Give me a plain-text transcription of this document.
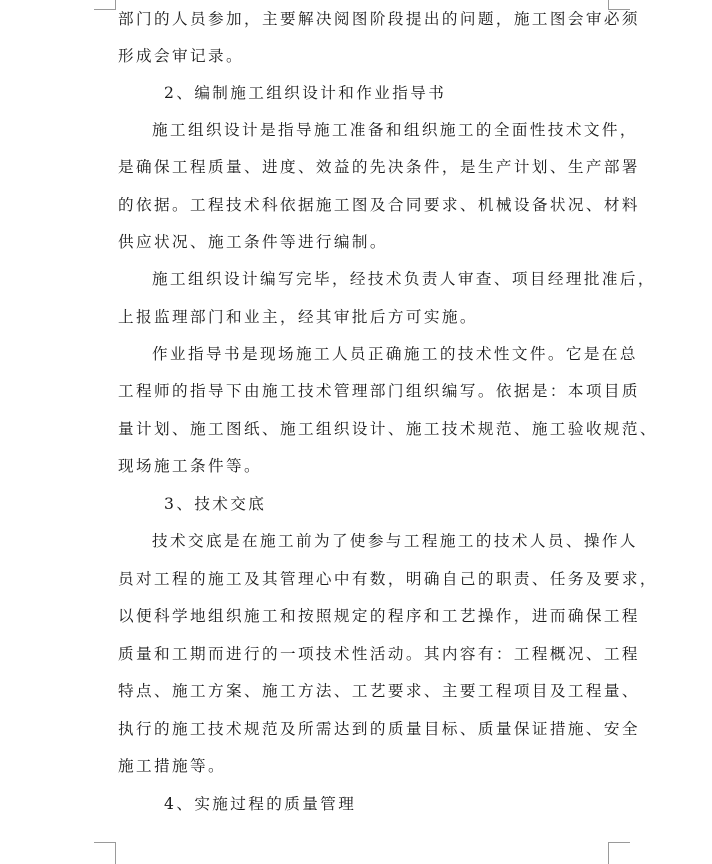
部门的人员参加，主要解决阅图阶段提出的问题，施工图会审必须
形成会审记录。
2、编制施工组织设计和作业指导书
施工组织设计是指导施工准备和组织施工的全面性技术文件，
是确保工程质量、进度、效益的先决条件，是生产计划、生产部署
的依据。工程技术科依据施工图及合同要求、机械设备状况、材料
供应状况、施工条件等进行编制。
施工组织设计编写完毕，经技术负责人审查、项目经理批准后，
上报监理部门和业主，经其审批后方可实施。
作业指导书是现场施工人员正确施工的技术性文件。它是在总
工程师的指导下由施工技术管理部门组织编写。依据是：本项目质
量计划、施工图纸、施工组织设计、施工技术规范、施工验收规范、
现场施工条件等。
3、技术交底
技术交底是在施工前为了使参与工程施工的技术人员、操作人
员对工程的施工及其管理心中有数，明确自己的职责、任务及要求，
以便科学地组织施工和按照规定的程序和工艺操作，进而确保工程
质量和工期而进行的一项技术性活动。其内容有：工程概况、工程
特点、施工方案、施工方法、工艺要求、主要工程项目及工程量、
执行的施工技术规范及所需达到的质量目标、质量保证措施、安全
施工措施等。
4、实施过程的质量管理
